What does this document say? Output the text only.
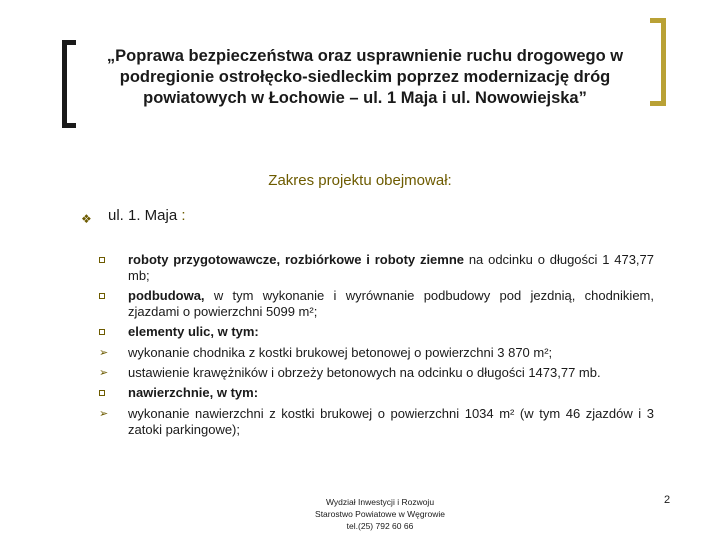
„Poprawa bezpieczeństwa oraz usprawnienie ruchu drogowego w podregionie ostrołęcko-siedleckim poprzez modernizację dróg powiatowych w Łochowie – ul. 1 Maja i ul. Nowowiejska”
Zakres projektu obejmował:
❖ ul. 1. Maja :
roboty przygotowawcze, rozbiórkowe i roboty ziemne na odcinku o długości 1 473,77 mb;
podbudowa, w tym wykonanie i wyrównanie podbudowy pod jezdnią, chodnikiem, zjazdami o powierzchni 5099 m²;
elementy ulic, w tym:
➢	wykonanie chodnika z kostki brukowej betonowej o powierzchni 3 870 m²;
➢	ustawienie krawężników i obrzeży betonowych na odcinku o długości 1473,77 mb.
nawierzchnie, w tym:
➢	wykonanie nawierzchni z kostki brukowej o powierzchni 1034 m² (w tym 46 zjazdów i 3 zatoki parkingowe);
Wydział Inwestycji i Rozwoju
Starostwo Powiatowe w Węgrowie
tel.(25) 792 60 66
2
